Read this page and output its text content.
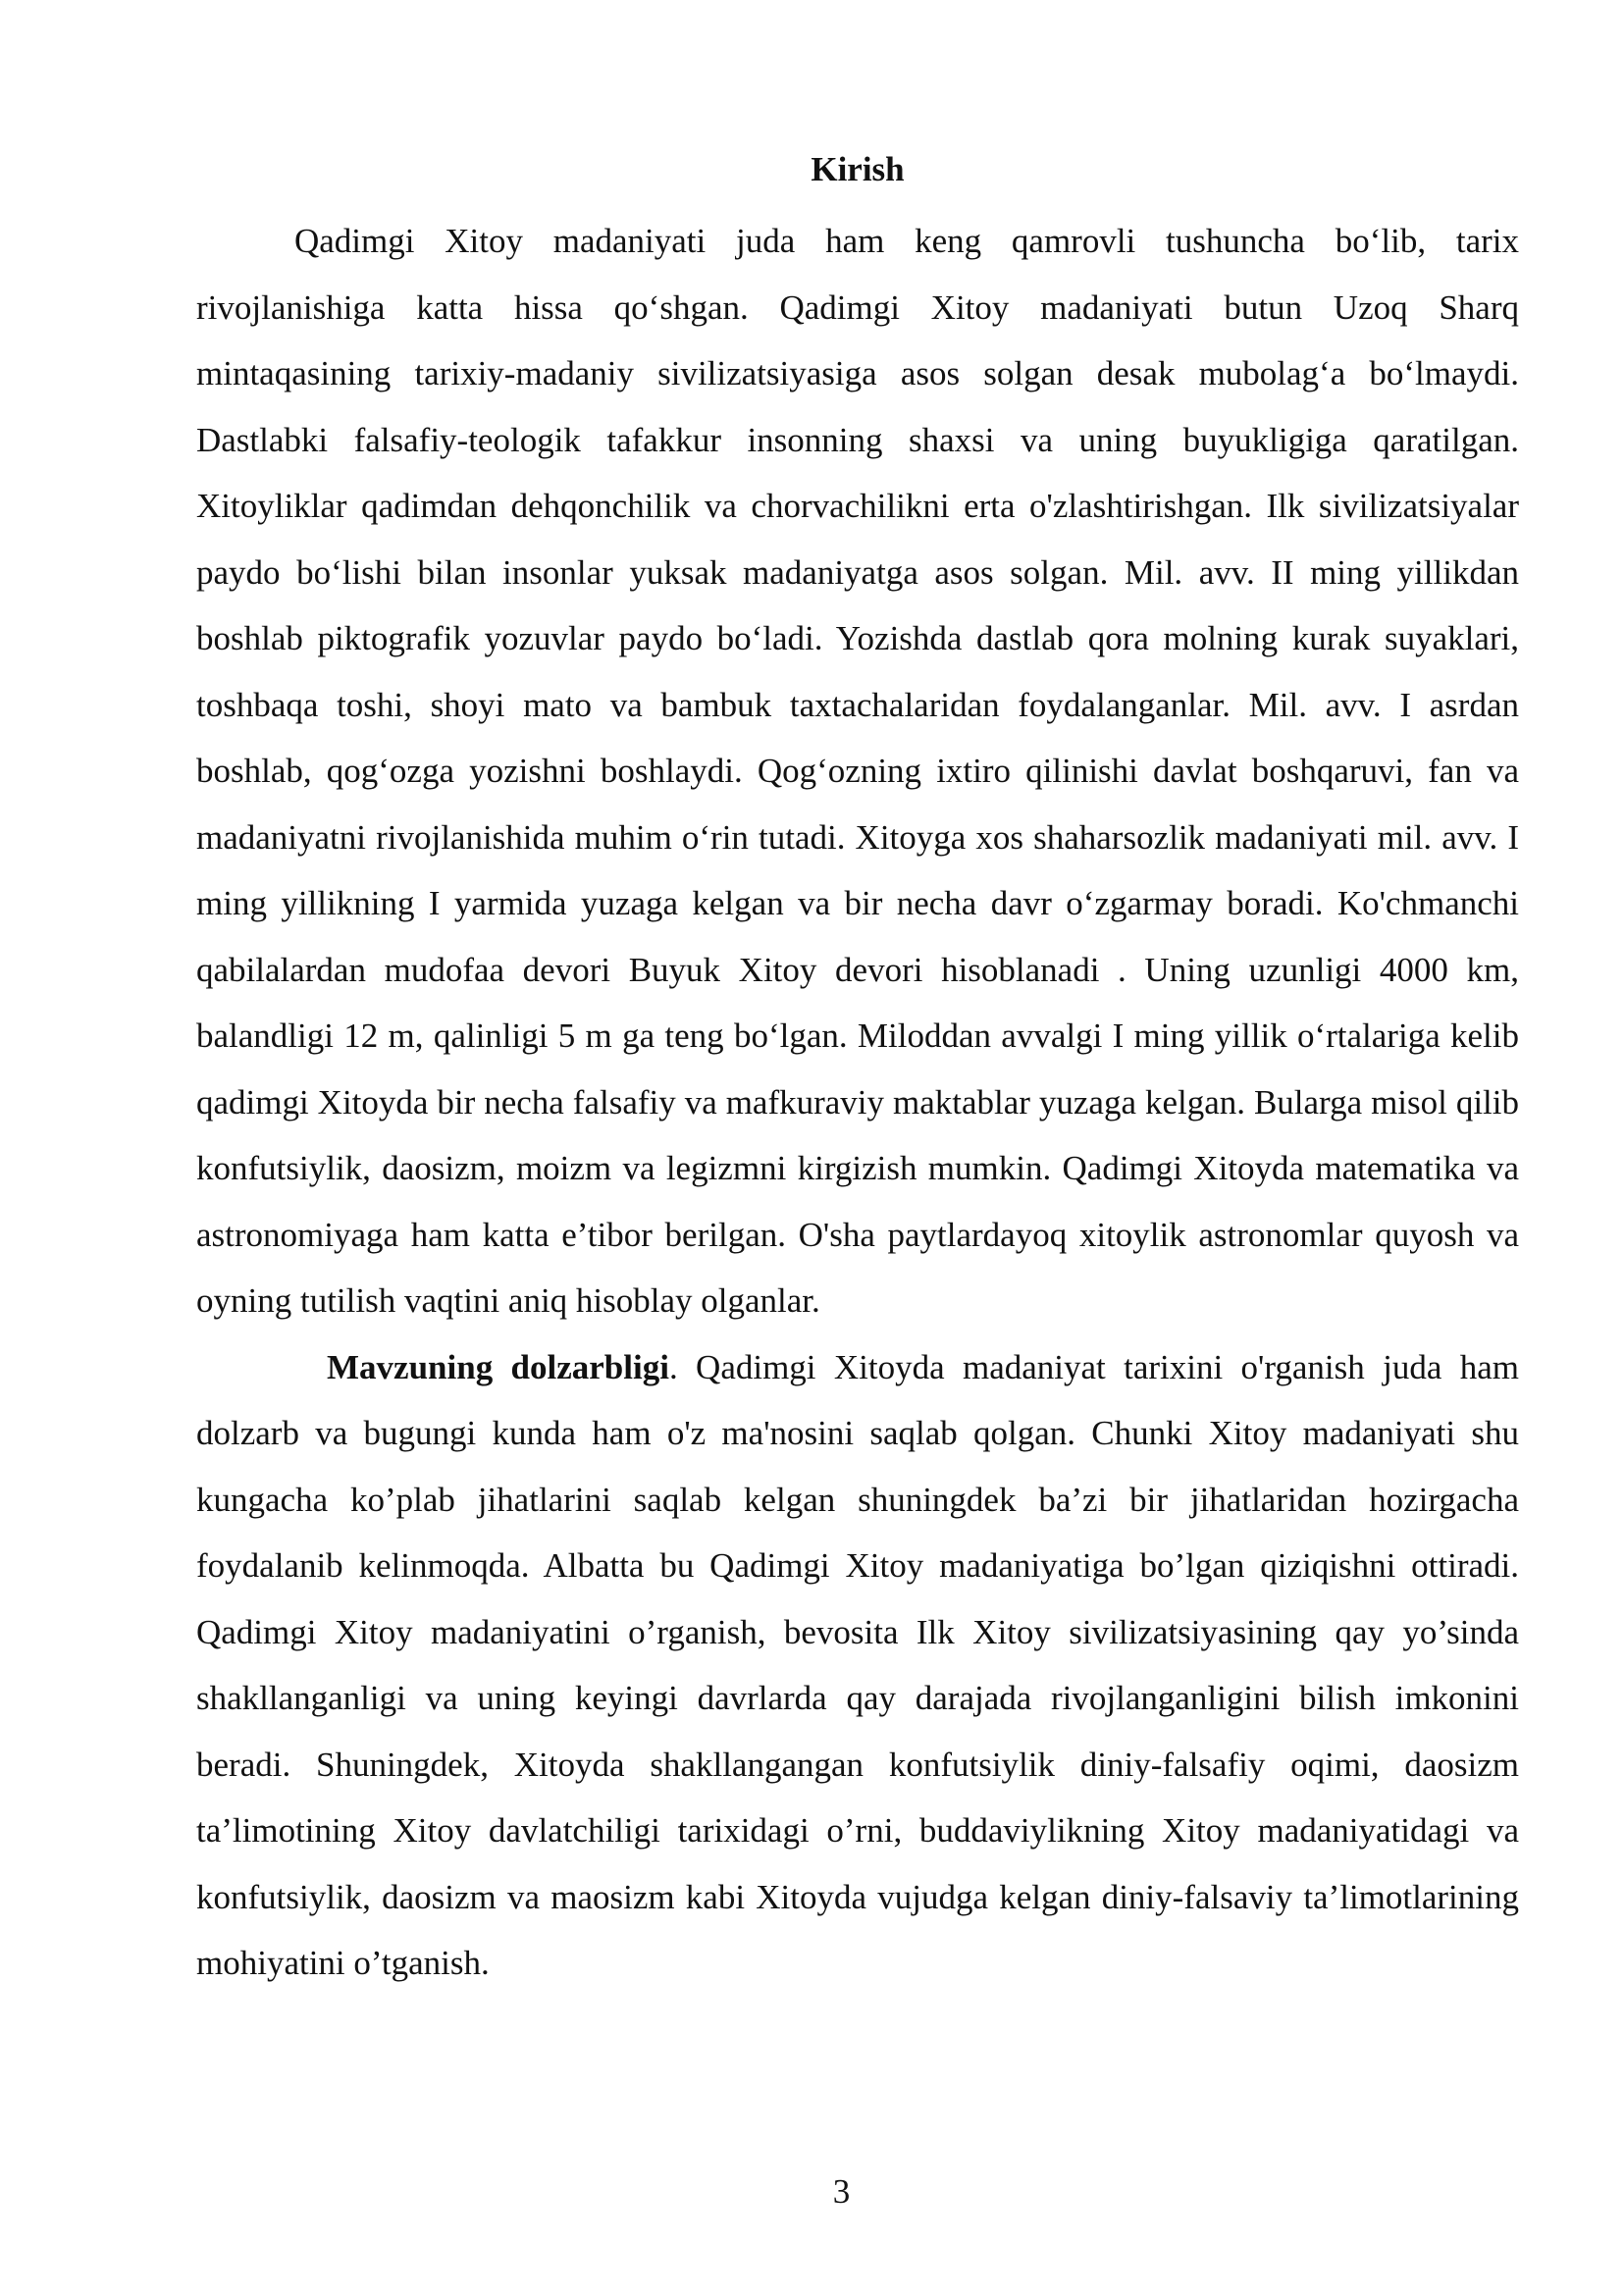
Kirish

Qadimgi Xitoy madaniyati juda ham keng qamrovli tushuncha bo‘lib, tarix rivojlanishiga katta hissa qo‘shgan. Qadimgi Xitoy madaniyati butun Uzoq Sharq mintaqasining tarixiy-madaniy sivilizatsiyasiga asos solgan desak mubolag‘a bo‘lmaydi. Dastlabki falsafiy-teologik tafakkur insonning shaxsi va uning buyukligiga qaratilgan. Xitoyliklar qadimdan dehqonchilik va chorvachilikni erta o'zlashtirishgan. Ilk sivilizatsiyalar paydo bo‘lishi bilan insonlar yuksak madaniyatga asos solgan. Mil. avv. II ming yillikdan boshlab piktografik yozuvlar paydo bo‘ladi. Yozishda dastlab qora molning kurak suyaklari, toshbaqa toshi, shoyi mato va bambuk taxtachalaridan foydalanganlar. Mil. avv. I asrdan boshlab, qog‘ozga yozishni boshlaydi. Qog‘ozning ixtiro qilinishi davlat boshqaruvi, fan va madaniyatni rivojlanishida muhim o‘rin tutadi. Xitoyga xos shaharsozlik madaniyati mil. avv. I ming yillikning I yarmida yuzaga kelgan va bir necha davr o‘zgarmay boradi. Ko'chmanchi qabilalardan mudofaa devori Buyuk Xitoy devori hisoblanadi . Uning uzunligi 4000 km, balandligi 12 m, qalinligi 5 m ga teng bo‘lgan. Miloddan avvalgi I ming yillik o‘rtalariga kelib qadimgi Xitoyda bir necha falsafiy va mafkuraviy maktablar yuzaga kelgan. Bularga misol qilib konfutsiylik, daosizm, moizm va legizmni kirgizish mumkin. Qadimgi Xitoyda matematika va astronomiyaga ham katta e’tibor berilgan. O'sha paytlardayoq xitoylik astronomlar quyosh va oyning tutilish vaqtini aniq hisoblay olganlar.

Mavzuning dolzarbligi. Qadimgi Xitoyda madaniyat tarixini o'rganish juda ham dolzarb va bugungi kunda ham o'z ma'nosini saqlab qolgan. Chunki Xitoy madaniyati shu kungacha ko’plab jihatlarini saqlab kelgan shuningdek ba’zi bir jihatlaridan hozirgacha foydalanib kelinmoqda. Albatta bu Qadimgi Xitoy madaniyatiga bo’lgan qiziqishni ottiradi. Qadimgi Xitoy madaniyatini o’rganish, bevosita Ilk Xitoy sivilizatsiyasining qay yo’sinda shakllanganligi va uning keyingi davrlarda qay darajada rivojlanganligini bilish imkonini beradi. Shuningdek, Xitoyda shakllangangan konfutsiylik diniy-falsafiy oqimi, daosizm ta’limotining Xitoy davlatchiligi tarixidagi o’rni, buddaviylikning Xitoy madaniyatidagi va konfutsiylik, daosizm va maosizm kabi Xitoyda vujudga kelgan diniy-falsaviy ta’limotlarining mohiyatini o’tganish.

3
